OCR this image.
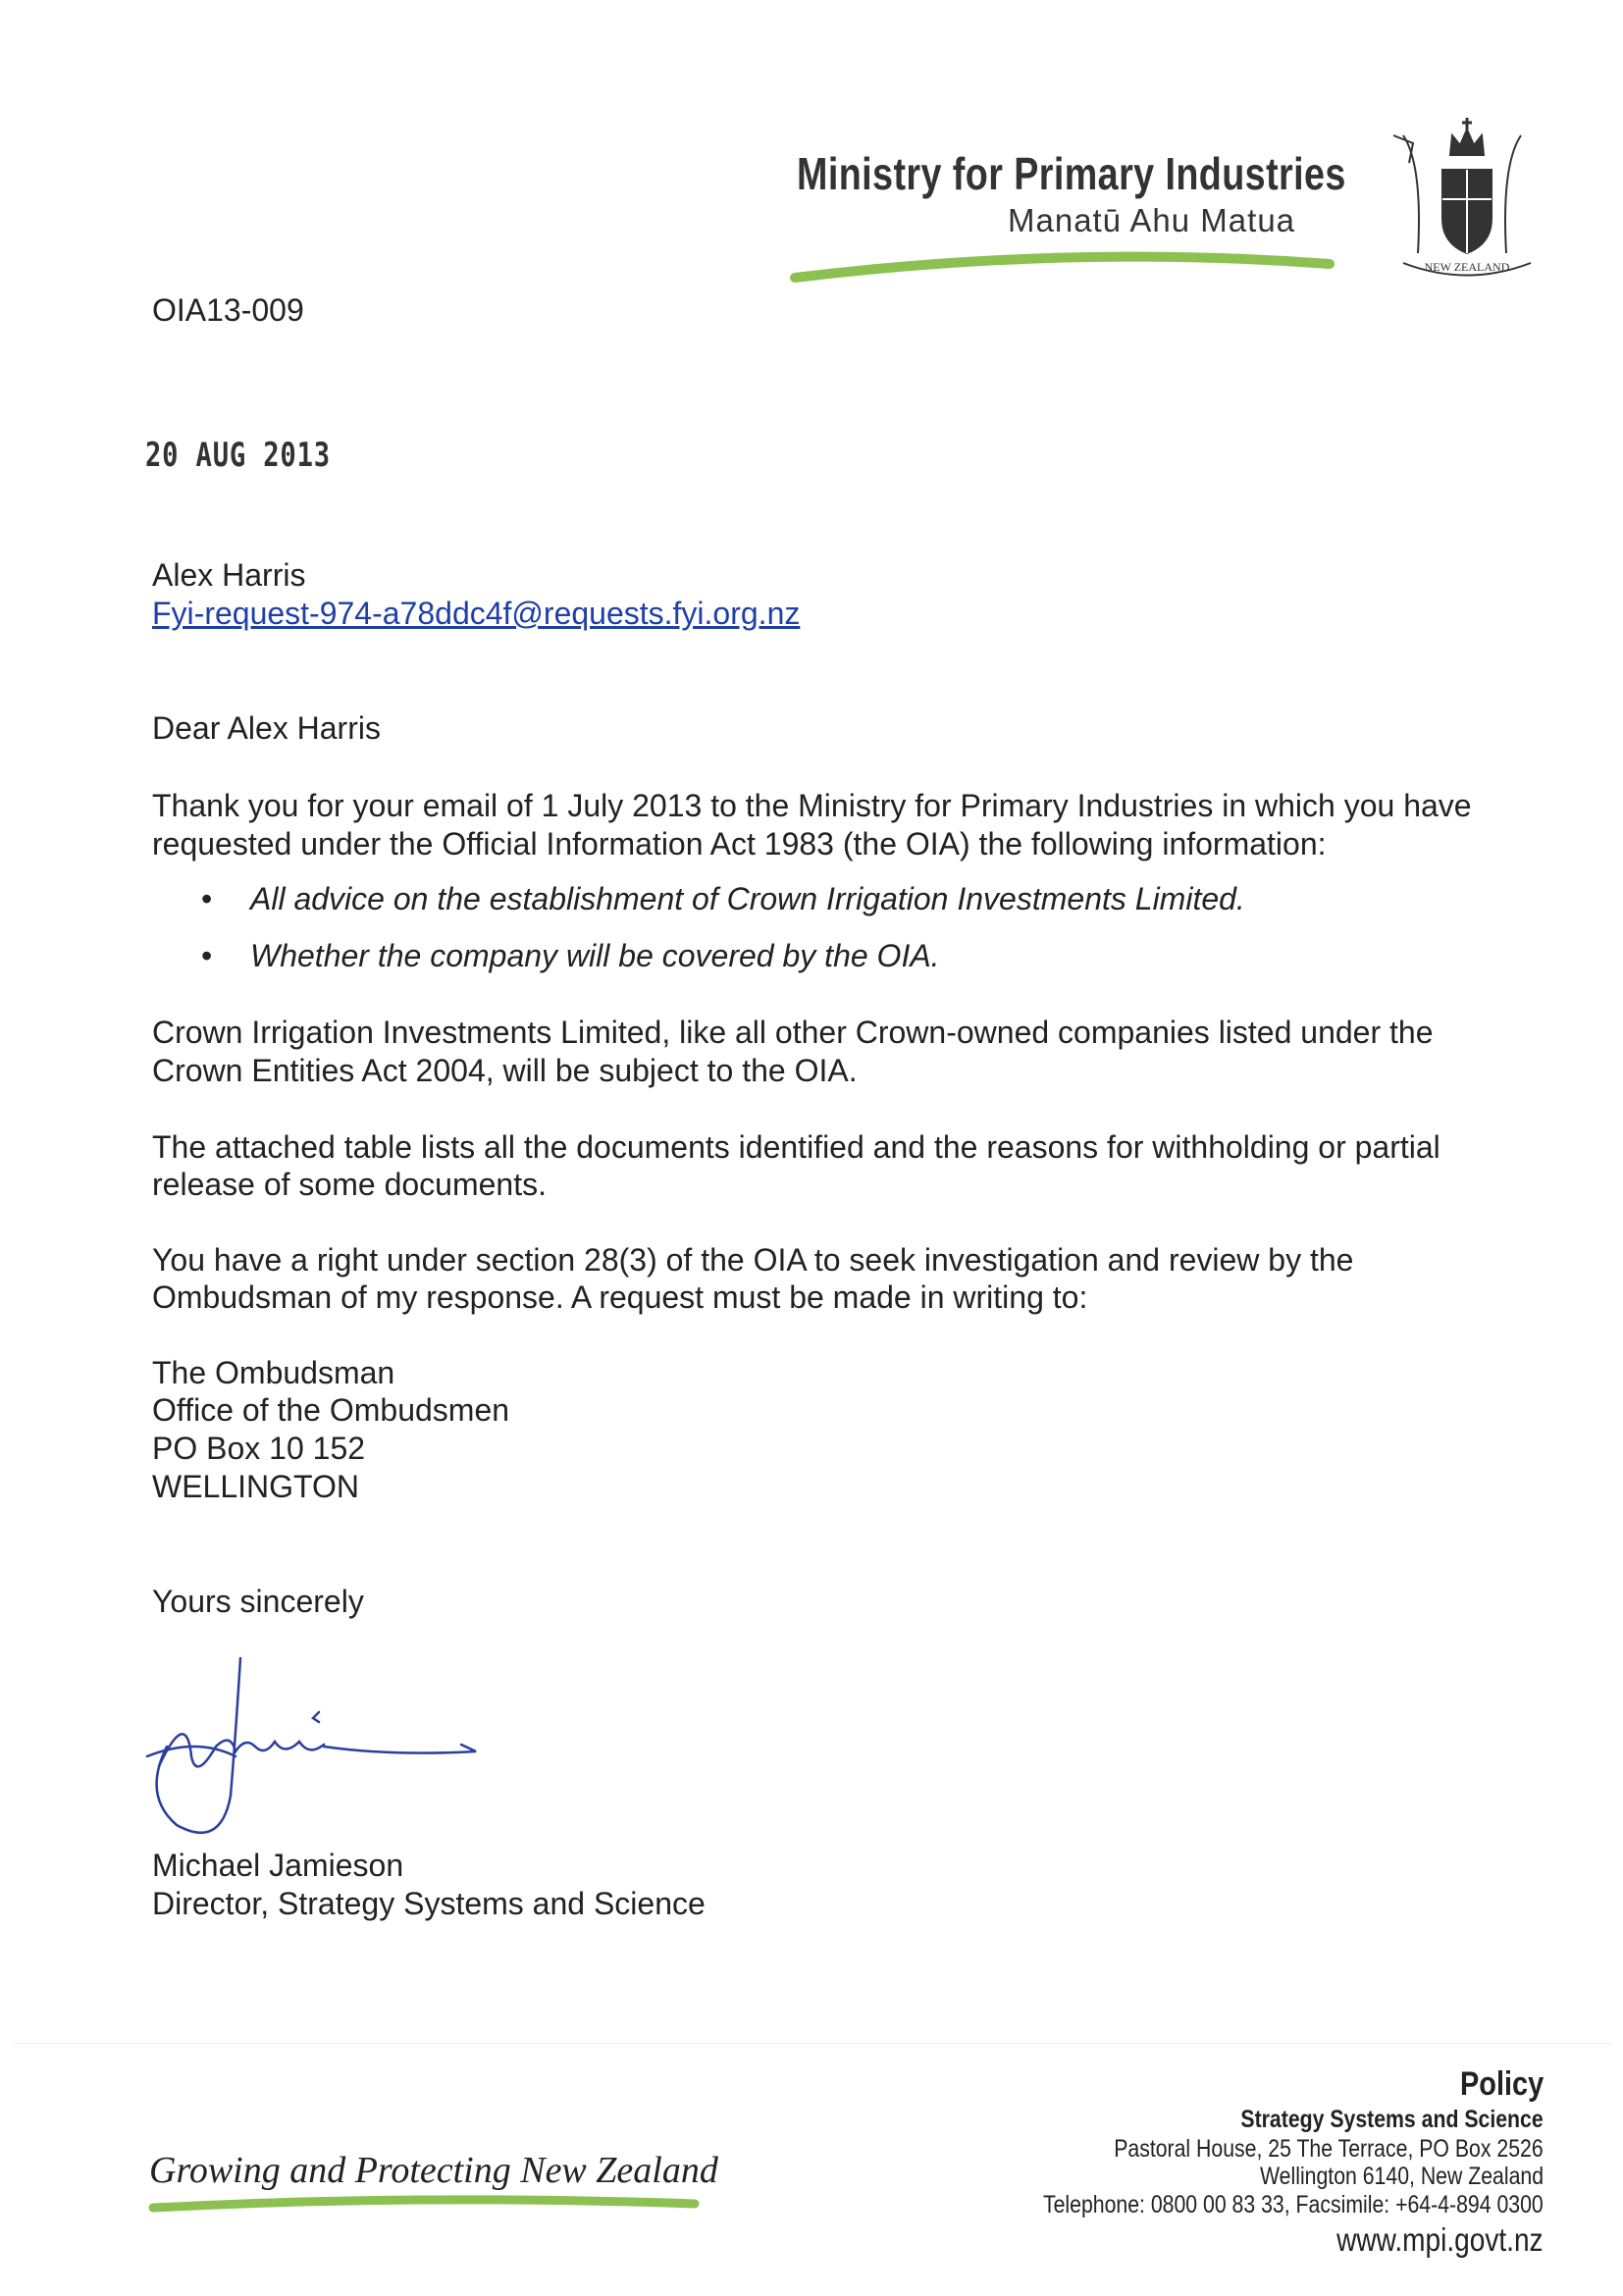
Ministry for Primary Industries
Manatū Ahu Matua
NEW ZEALAND
OIA13-009
20 AUG 2013
Alex Harris
Fyi-request-974-a78ddc4f@requests.fyi.org.nz
Dear Alex Harris
Thank you for your email of 1 July 2013 to the Ministry for Primary Industries in which you have
requested under the Official Information Act 1983 (the OIA) the following information:
• All advice on the establishment of Crown Irrigation Investments Limited.
• Whether the company will be covered by the OIA.
Crown Irrigation Investments Limited, like all other Crown-owned companies listed under the
Crown Entities Act 2004, will be subject to the OIA.
The attached table lists all the documents identified and the reasons for withholding or partial
release of some documents.
You have a right under section 28(3) of the OIA to seek investigation and review by the
Ombudsman of my response. A request must be made in writing to:
The Ombudsman
Office of the Ombudsmen
PO Box 10 152
WELLINGTON
Yours sincerely
Michael Jamieson
Director, Strategy Systems and Science
Growing and Protecting New Zealand
Policy
Strategy Systems and Science
Pastoral House, 25 The Terrace, PO Box 2526
Wellington 6140, New Zealand
Telephone: 0800 00 83 33, Facsimile: +64-4-894 0300
www.mpi.govt.nz
